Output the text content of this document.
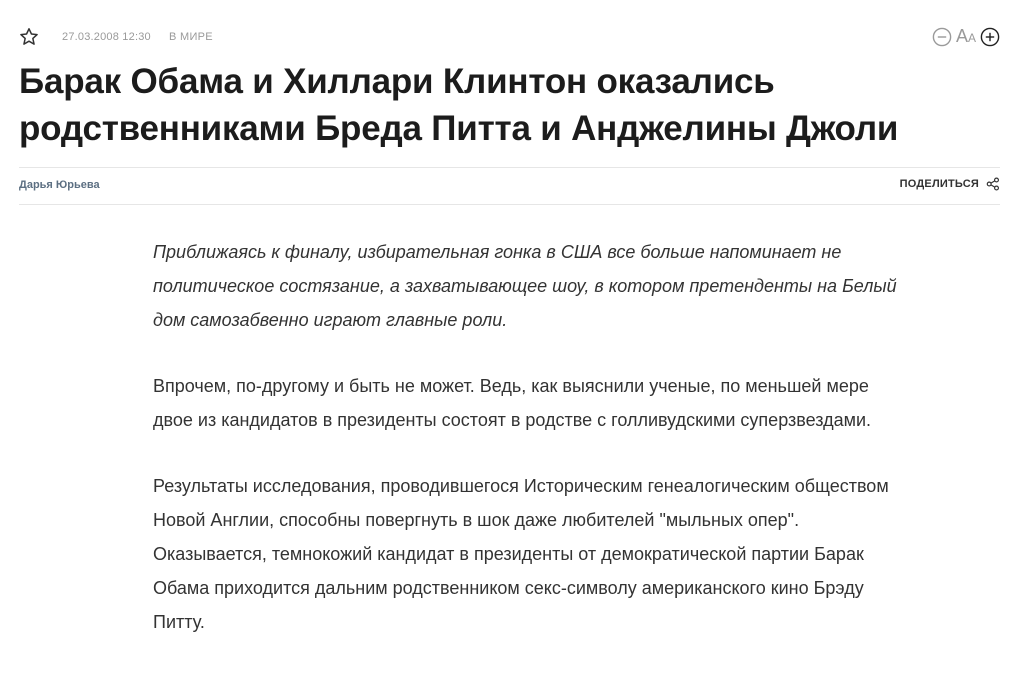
27.03.2008 12:30 В МИРЕ	AA
Барак Обама и Хиллари Клинтон оказались родственниками Бреда Питта и Анджелины Джоли
Дарья Юрьева	ПОДЕЛИТЬСЯ

Приближаясь к финалу, избирательная гонка в США все больше напоминает не политическое состязание, а захватывающее шоу, в котором претенденты на Белый дом самозабвенно играют главные роли.

Впрочем, по-другому и быть не может. Ведь, как выяснили ученые, по меньшей мере двое из кандидатов в президенты состоят в родстве с голливудскими суперзвездами.

Результаты исследования, проводившегося Историческим генеалогическим обществом Новой Англии, способны повергнуть в шок даже любителей "мыльных опер". Оказывается, темнокожий кандидат в президенты от демократической партии Барак Обама приходится дальним родственником секс-символу американского кино Брэду Питту.
